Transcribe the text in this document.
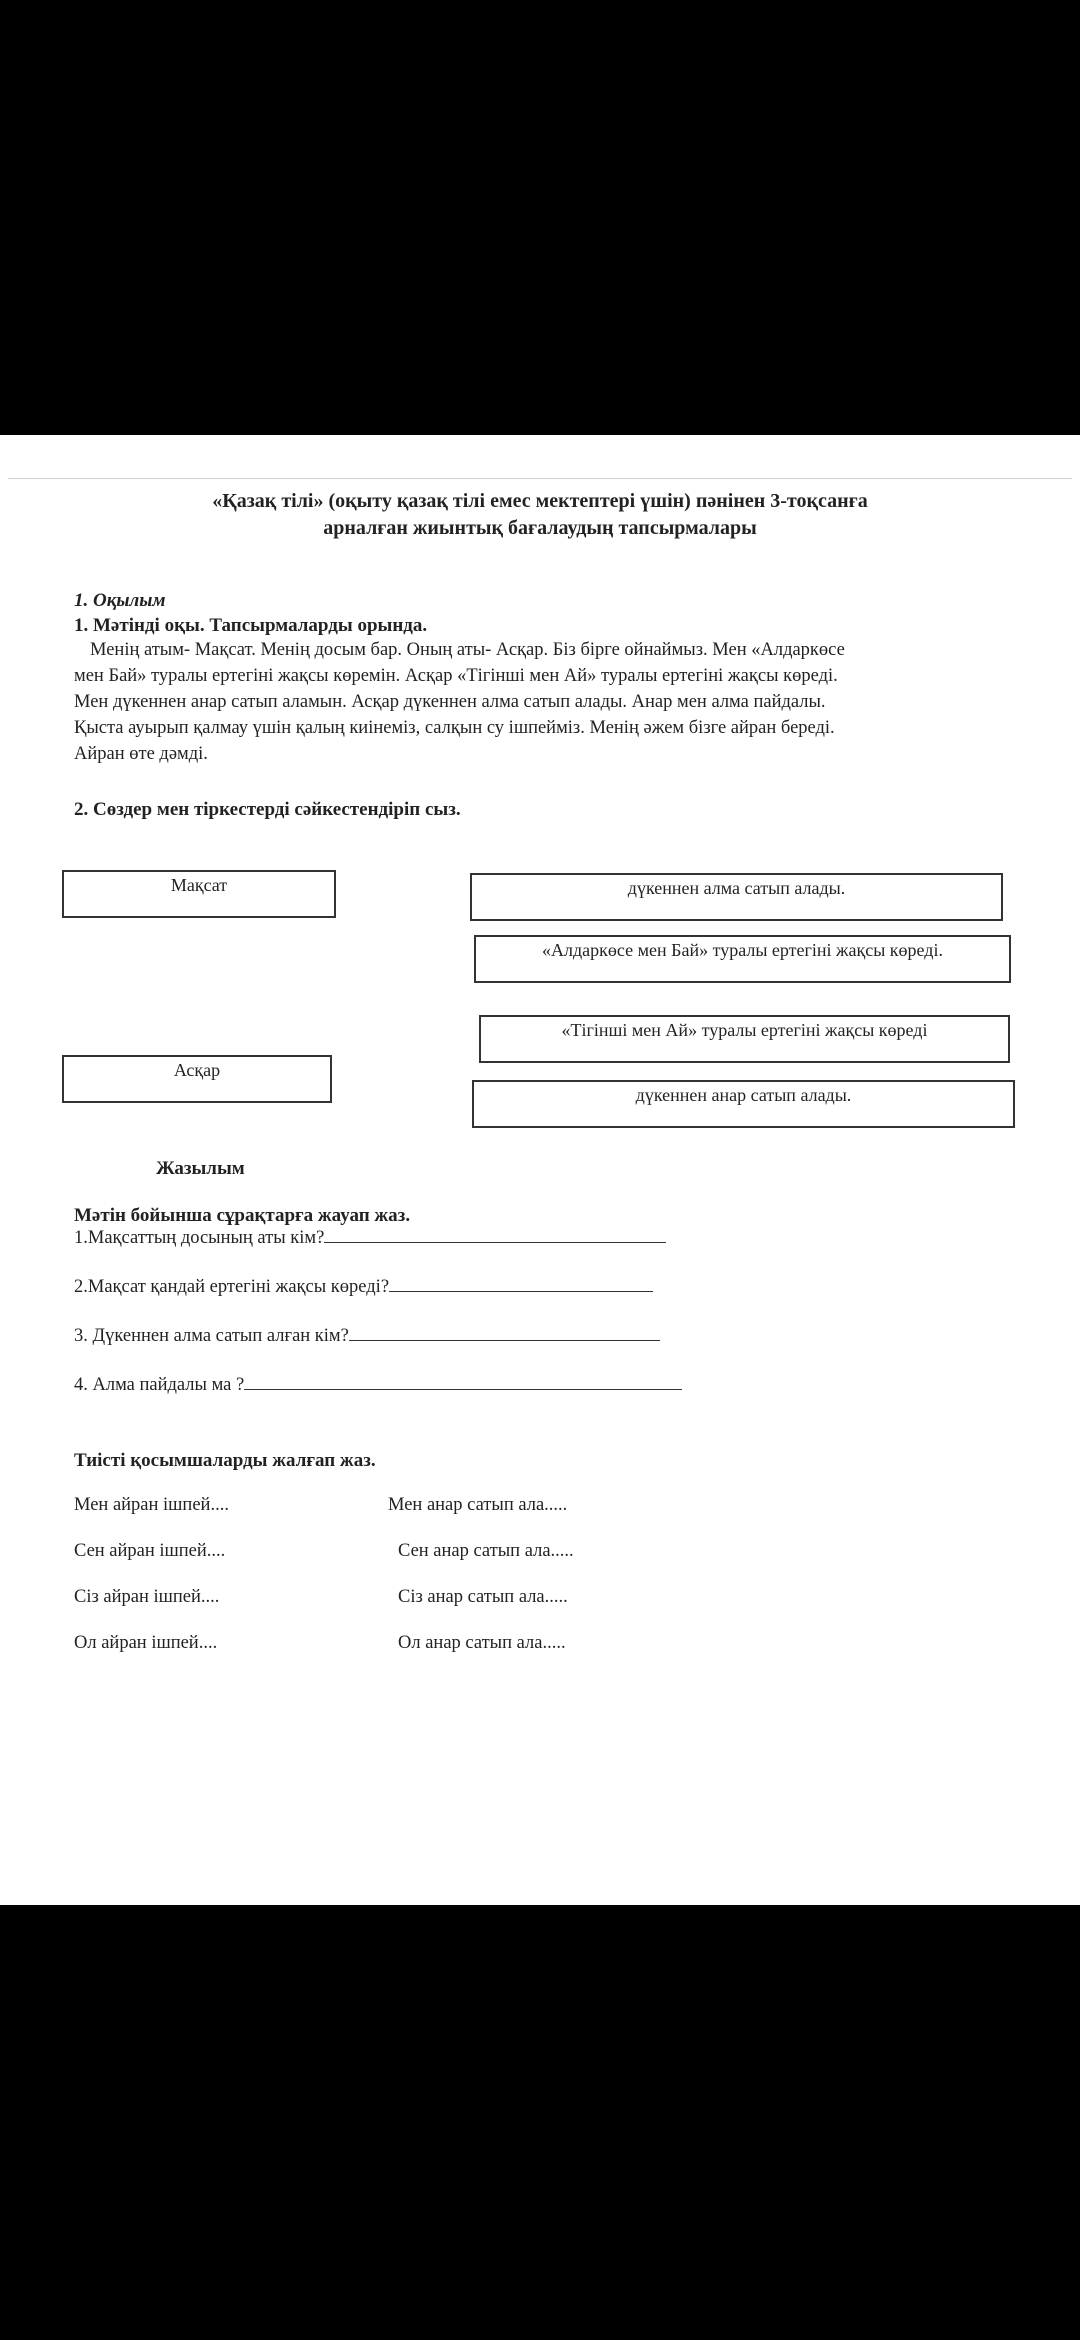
«Қазақ тілі» (оқыту қазақ тілі емес мектептері үшін) пәнінен 3-тоқсанға
арналған жиынтық бағалаудың тапсырмалары
1. Оқылым
1. Мәтінді оқы. Тапсырмаларды орында.
Менің атым- Мақсат. Менің досым бар. Оның аты- Асқар. Біз бірге ойнаймыз. Мен «Алдаркөсе
мен Бай» туралы ертегіні жақсы көремін. Асқар «Тігінші мен Ай» туралы ертегіні жақсы көреді.
Мен дүкеннен анар сатып аламын. Асқар дүкеннен алма сатып алады. Анар мен алма пайдалы.
Қыста ауырып қалмау үшін қалың киінеміз, салқын су ішпейміз. Менің әжем бізге айран береді.
Айран өте дәмді.
2. Сөздер мен тіркестерді сәйкестендіріп сыз.
Мақсат
Асқар
дүкеннен алма сатып алады.
«Алдаркөсе мен Бай» туралы ертегіні жақсы көреді.
«Тігінші мен Ай» туралы ертегіні жақсы көреді
дүкеннен анар сатып алады.
Жазылым
Мәтін бойынша сұрақтарға жауап жаз.
1.Мақсаттың досының аты кім?
2.Мақсат қандай ертегіні жақсы көреді?
3. Дүкеннен алма сатып алған кім?
4. Алма пайдалы ма ?
Тиісті қосымшаларды жалғап жаз.
Мен айран ішпей....
Сен айран ішпей....
Сіз айран ішпей....
Ол айран ішпей....
Мен анар сатып ала.....
Сен анар сатып ала.....
Сіз анар сатып ала.....
Ол анар сатып ала.....
